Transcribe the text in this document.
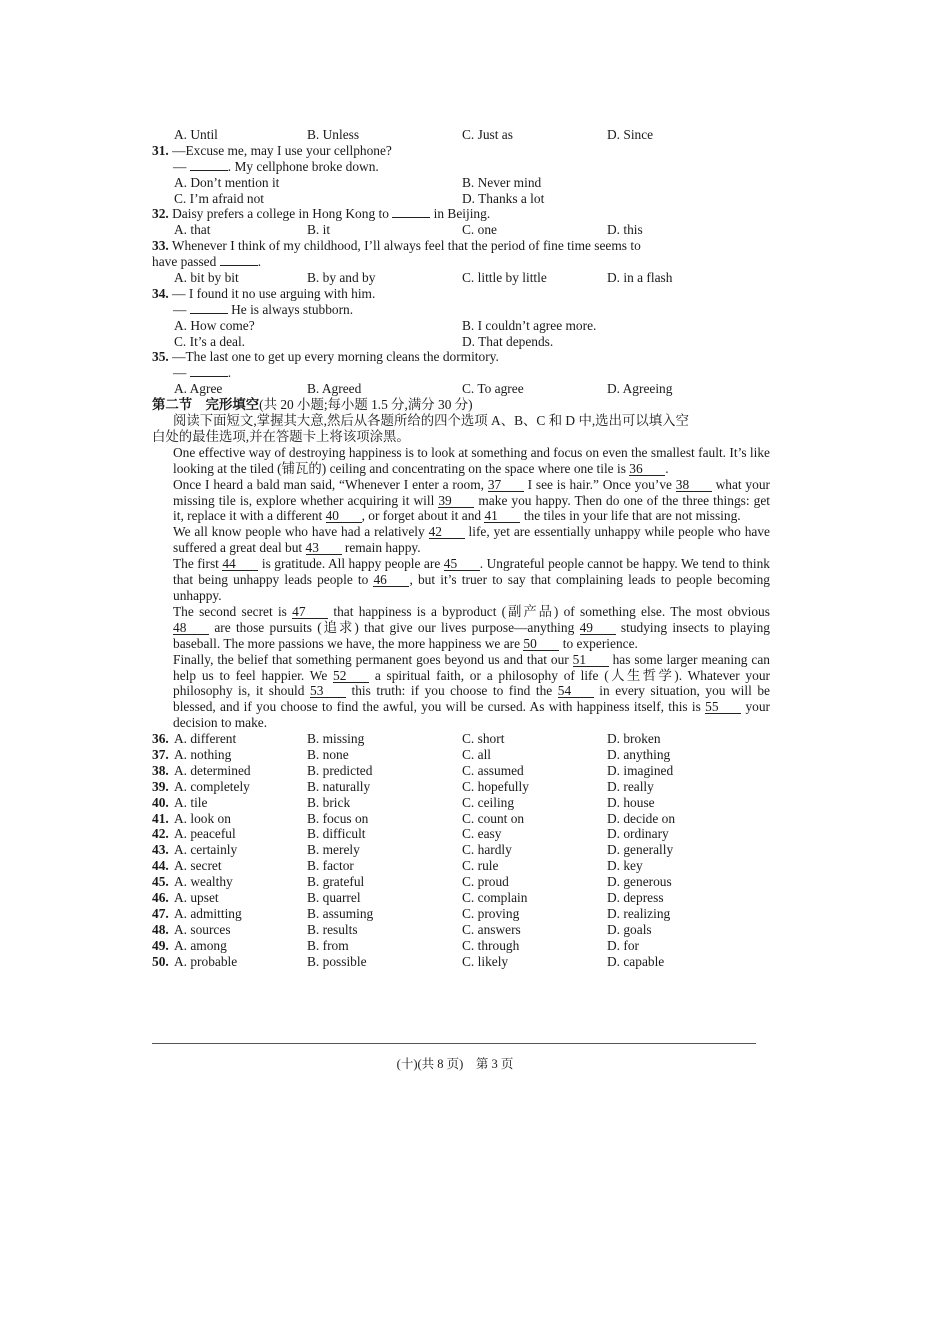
A. Until	B. Unless	C. Just as	D. Since
31. —Excuse me, may I use your cellphone?
—	. My cellphone broke down.
A. Don’t mention it	B. Never mind
C. I’m afraid not	D. Thanks a lot
32. Daisy prefers a college in Hong Kong to	in Beijing.
A. that	B. it	C. one	D. this
33. Whenever I think of my childhood, I’ll always feel that the period of fine time seems to
have passed	.
A. bit by bit	B. by and by	C. little by little	D. in a flash
34. — I found it no use arguing with him.
—	He is always stubborn.
A. How come?	B. I couldn’t agree more.
C. It’s a deal.	D. That depends.
35. —The last one to get up every morning cleans the dormitory.
—	.
A. Agree	B. Agreed	C. To agree	D. Agreeing
第二节　完形填空(共 20 小题;每小题 1.5 分,满分 30 分)
阅读下面短文,掌握其大意,然后从各题所给的四个选项 A、B、C 和 D 中,选出可以填入空
白处的最佳选项,并在答题卡上将该项涂黑。

One effective way of destroying happiness is to look at something and focus on even the smallest fault. It’s like looking at the tiled (铺瓦的) ceiling and concentrating on the space where one tile is 36 .

Once I heard a bald man said, “Whenever I enter a room, 37 I see is hair.” Once you’ve 38 what your missing tile is, explore whether acquiring it will 39 make you happy. Then do one of the three things: get it, replace it with a different 40 , or forget about it and 41 the tiles in your life that are not missing.

We all know people who have had a relatively 42 life, yet are essentially unhappy while people who have suffered a great deal but 43 remain happy.

The first 44 is gratitude. All happy people are 45 . Ungrateful people cannot be happy. We tend to think that being unhappy leads people to 46 , but it’s truer to say that complaining leads to people becoming unhappy.

The second secret is 47 that happiness is a byproduct (副产品) of something else. The most obvious 48 are those pursuits (追求) that give our lives purpose—anything 49 studying insects to playing baseball. The more passions we have, the more happiness we are 50 to experience.

Finally, the belief that something permanent goes beyond us and that our 51 has some larger meaning can help us to feel happier. We 52 a spiritual faith, or a philosophy of life (人生哲学). Whatever your philosophy is, it should 53 this truth: if you choose to find the 54 in every situation, you will be blessed, and if you choose to find the awful, you will be cursed. As with happiness itself, this is 55 your decision to make.

36. A. different	B. missing	C. short	D. broken
37. A. nothing	B. none	C. all	D. anything
38. A. determined	B. predicted	C. assumed	D. imagined
39. A. completely	B. naturally	C. hopefully	D. really
40. A. tile	B. brick	C. ceiling	D. house
41. A. look on	B. focus on	C. count on	D. decide on
42. A. peaceful	B. difficult	C. easy	D. ordinary
43. A. certainly	B. merely	C. hardly	D. generally
44. A. secret	B. factor	C. rule	D. key
45. A. wealthy	B. grateful	C. proud	D. generous
46. A. upset	B. quarrel	C. complain	D. depress
47. A. admitting	B. assuming	C. proving	D. realizing
48. A. sources	B. results	C. answers	D. goals
49. A. among	B. from	C. through	D. for
50. A. probable	B. possible	C. likely	D. capable
(十)(共 8 页)　第 3 页
